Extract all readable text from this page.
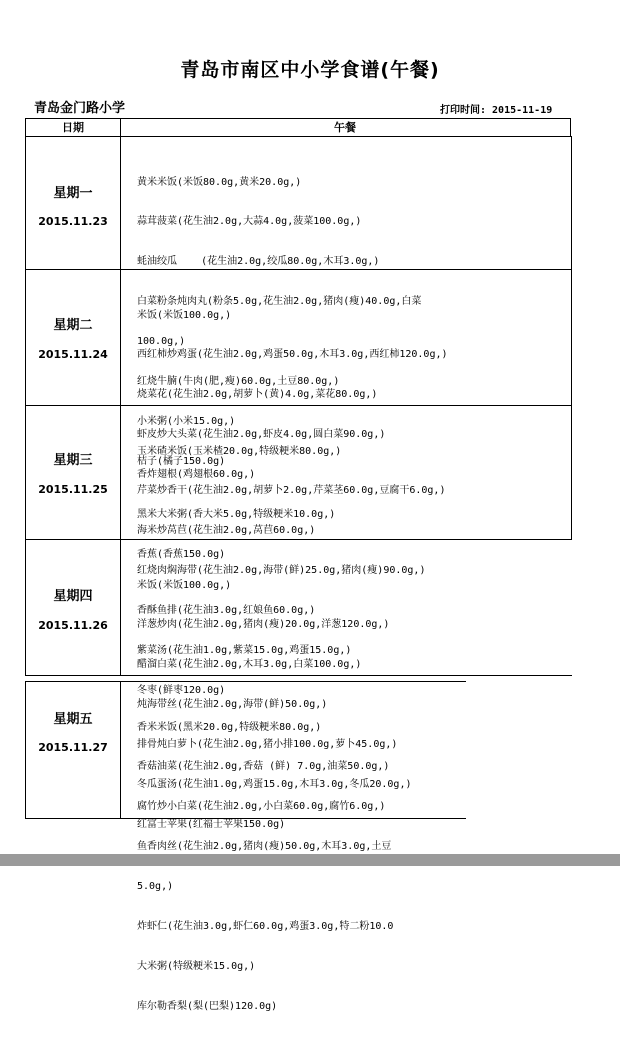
青岛市南区中小学食谱(午餐)
青岛金门路小学	打印时间: 2015-11-19
日期	午餐
星期一
2015.11.23

黄米米饭(米饭80.0g,黄米20.0g,)

蒜茸菠菜(花生油2.0g,大蒜4.0g,菠菜100.0g,)

蚝油绞瓜    (花生油2.0g,绞瓜80.0g,木耳3.0g,)

白菜粉条炖肉丸(粉条5.0g,花生油2.0g,猪肉(瘦)40.0g,白菜

100.0g,)

红烧牛腩(牛肉(肥,瘦)60.0g,土豆80.0g,)

小米粥(小米15.0g,)

桔子(橘子150.0g)

星期二
2015.11.24

米饭(米饭100.0g,)

西红柿炒鸡蛋(花生油2.0g,鸡蛋50.0g,木耳3.0g,西红柿120.0g,)

烧菜花(花生油2.0g,胡萝卜(黄)4.0g,菜花80.0g,)

虾皮炒大头菜(花生油2.0g,虾皮4.0g,圆白菜90.0g,)

香炸翅根(鸡翅根60.0g,)

黑米大米粥(香大米5.0g,特级粳米10.0g,)

香蕉(香蕉150.0g)

星期三
2015.11.25

玉米碴米饭(玉米楂20.0g,特级粳米80.0g,)

芹菜炒香干(花生油2.0g,胡萝卜2.0g,芹菜茎60.0g,豆腐干6.0g,)

海米炒莴苣(花生油2.0g,莴苣60.0g,)

红烧肉焖海带(花生油2.0g,海带(鲜)25.0g,猪肉(瘦)90.0g,)

香酥鱼排(花生油3.0g,红娘鱼60.0g,)

紫菜汤(花生油1.0g,紫菜15.0g,鸡蛋15.0g,)

冬枣(鲜枣120.0g)

星期四
2015.11.26

米饭(米饭100.0g,)

洋葱炒肉(花生油2.0g,猪肉(瘦)20.0g,洋葱120.0g,)

醋溜白菜(花生油2.0g,木耳3.0g,白菜100.0g,)

炖海带丝(花生油2.0g,海带(鲜)50.0g,)

排骨炖白萝卜(花生油2.0g,猪小排100.0g,萝卜45.0g,)

冬瓜蛋汤(花生油1.0g,鸡蛋15.0g,木耳3.0g,冬瓜20.0g,)

红富士苹果(红福士苹果150.0g)

星期五
2015.11.27

香米米饭(黑米20.0g,特级粳米80.0g,)

香菇油菜(花生油2.0g,香菇 (鲜) 7.0g,油菜50.0g,)

腐竹炒小白菜(花生油2.0g,小白菜60.0g,腐竹6.0g,)

鱼香肉丝(花生油2.0g,猪肉(瘦)50.0g,木耳3.0g,土豆

5.0g,)

炸虾仁(花生油3.0g,虾仁60.0g,鸡蛋3.0g,特二粉10.0

大米粥(特级粳米15.0g,)

库尔勒香梨(梨(巴梨)120.0g)
